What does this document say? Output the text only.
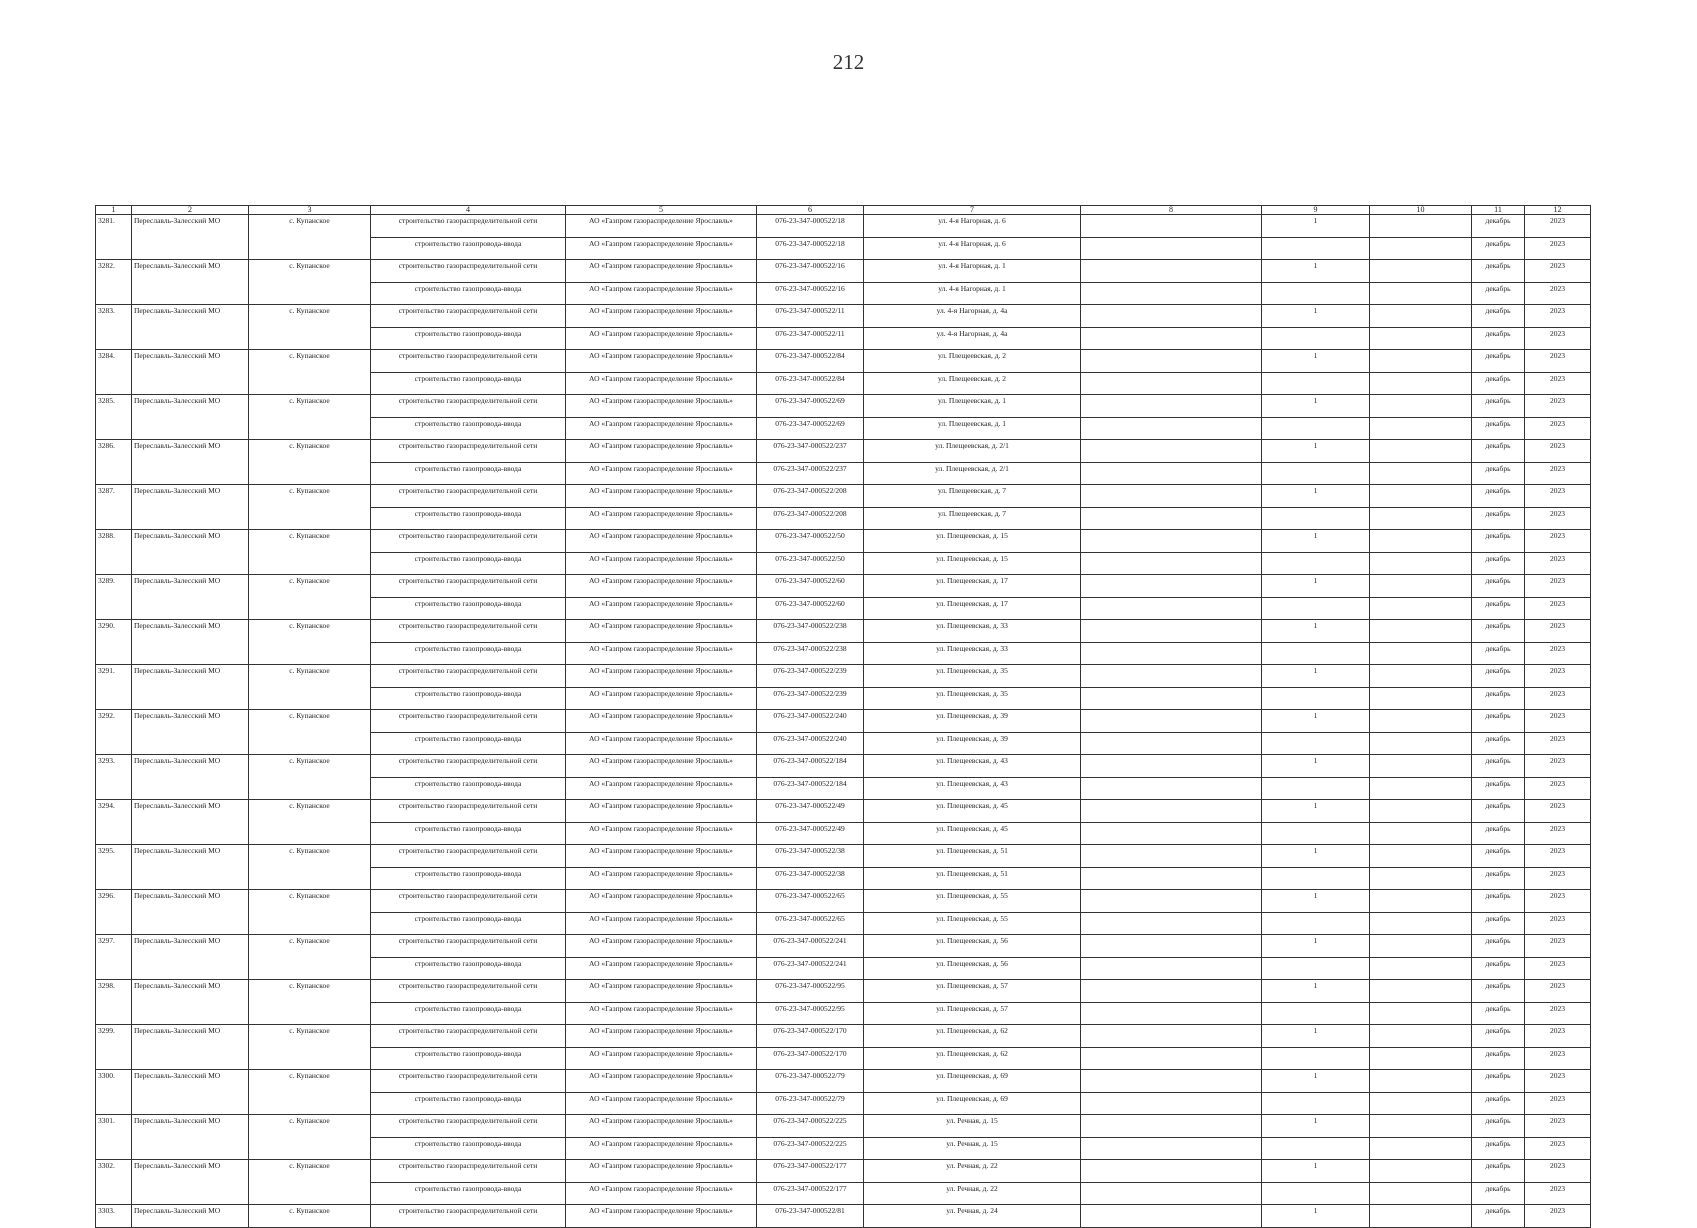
212
1	2	3	4	5	6	7	8	9	10	11	12
3281.	Переславль-Залесский МО	с. Купанское	строительство газораспределительной сети	АО «Газпром газораспределение Ярославль»	076-23-347-000522/18	ул. 4-я Нагорная, д. 6		1		декабрь	2023
			строительство газопровода-ввода	АО «Газпром газораспределение Ярославль»	076-23-347-000522/18	ул. 4-я Нагорная, д. 6				декабрь	2023
3282.	Переславль-Залесский МО	с. Купанское	строительство газораспределительной сети	АО «Газпром газораспределение Ярославль»	076-23-347-000522/16	ул. 4-я Нагорная, д. 1		1		декабрь	2023
			строительство газопровода-ввода	АО «Газпром газораспределение Ярославль»	076-23-347-000522/16	ул. 4-я Нагорная, д. 1				декабрь	2023
3283.	Переславль-Залесский МО	с. Купанское	строительство газораспределительной сети	АО «Газпром газораспределение Ярославль»	076-23-347-000522/11	ул. 4-я Нагорная, д. 4а		1		декабрь	2023
			строительство газопровода-ввода	АО «Газпром газораспределение Ярославль»	076-23-347-000522/11	ул. 4-я Нагорная, д. 4а				декабрь	2023
3284.	Переславль-Залесский МО	с. Купанское	строительство газораспределительной сети	АО «Газпром газораспределение Ярославль»	076-23-347-000522/84	ул. Плещеевская, д. 2		1		декабрь	2023
			строительство газопровода-ввода	АО «Газпром газораспределение Ярославль»	076-23-347-000522/84	ул. Плещеевская, д. 2				декабрь	2023
3285.	Переславль-Залесский МО	с. Купанское	строительство газораспределительной сети	АО «Газпром газораспределение Ярославль»	076-23-347-000522/69	ул. Плещеевская, д. 1		1		декабрь	2023
			строительство газопровода-ввода	АО «Газпром газораспределение Ярославль»	076-23-347-000522/69	ул. Плещеевская, д. 1				декабрь	2023
3286.	Переславль-Залесский МО	с. Купанское	строительство газораспределительной сети	АО «Газпром газораспределение Ярославль»	076-23-347-000522/237	ул. Плещеевская, д. 2/1		1		декабрь	2023
			строительство газопровода-ввода	АО «Газпром газораспределение Ярославль»	076-23-347-000522/237	ул. Плещеевская, д. 2/1				декабрь	2023
3287.	Переславль-Залесский МО	с. Купанское	строительство газораспределительной сети	АО «Газпром газораспределение Ярославль»	076-23-347-000522/208	ул. Плещеевская, д. 7		1		декабрь	2023
			строительство газопровода-ввода	АО «Газпром газораспределение Ярославль»	076-23-347-000522/208	ул. Плещеевская, д. 7				декабрь	2023
3288.	Переславль-Залесский МО	с. Купанское	строительство газораспределительной сети	АО «Газпром газораспределение Ярославль»	076-23-347-000522/50	ул. Плещеевская, д. 15		1		декабрь	2023
			строительство газопровода-ввода	АО «Газпром газораспределение Ярославль»	076-23-347-000522/50	ул. Плещеевская, д. 15				декабрь	2023
3289.	Переславль-Залесский МО	с. Купанское	строительство газораспределительной сети	АО «Газпром газораспределение Ярославль»	076-23-347-000522/60	ул. Плещеевская, д. 17		1		декабрь	2023
			строительство газопровода-ввода	АО «Газпром газораспределение Ярославль»	076-23-347-000522/60	ул. Плещеевская, д. 17				декабрь	2023
3290.	Переславль-Залесский МО	с. Купанское	строительство газораспределительной сети	АО «Газпром газораспределение Ярославль»	076-23-347-000522/238	ул. Плещеевская, д. 33		1		декабрь	2023
			строительство газопровода-ввода	АО «Газпром газораспределение Ярославль»	076-23-347-000522/238	ул. Плещеевская, д. 33				декабрь	2023
3291.	Переславль-Залесский МО	с. Купанское	строительство газораспределительной сети	АО «Газпром газораспределение Ярославль»	076-23-347-000522/239	ул. Плещеевская, д. 35		1		декабрь	2023
			строительство газопровода-ввода	АО «Газпром газораспределение Ярославль»	076-23-347-000522/239	ул. Плещеевская, д. 35				декабрь	2023
3292.	Переславль-Залесский МО	с. Купанское	строительство газораспределительной сети	АО «Газпром газораспределение Ярославль»	076-23-347-000522/240	ул. Плещеевская, д. 39		1		декабрь	2023
			строительство газопровода-ввода	АО «Газпром газораспределение Ярославль»	076-23-347-000522/240	ул. Плещеевская, д. 39				декабрь	2023
3293.	Переславль-Залесский МО	с. Купанское	строительство газораспределительной сети	АО «Газпром газораспределение Ярославль»	076-23-347-000522/184	ул. Плещеевская, д. 43		1		декабрь	2023
			строительство газопровода-ввода	АО «Газпром газораспределение Ярославль»	076-23-347-000522/184	ул. Плещеевская, д. 43				декабрь	2023
3294.	Переславль-Залесский МО	с. Купанское	строительство газораспределительной сети	АО «Газпром газораспределение Ярославль»	076-23-347-000522/49	ул. Плещеевская, д. 45		1		декабрь	2023
			строительство газопровода-ввода	АО «Газпром газораспределение Ярославль»	076-23-347-000522/49	ул. Плещеевская, д. 45				декабрь	2023
3295.	Переславль-Залесский МО	с. Купанское	строительство газораспределительной сети	АО «Газпром газораспределение Ярославль»	076-23-347-000522/38	ул. Плещеевская, д. 51		1		декабрь	2023
			строительство газопровода-ввода	АО «Газпром газораспределение Ярославль»	076-23-347-000522/38	ул. Плещеевская, д. 51				декабрь	2023
3296.	Переславль-Залесский МО	с. Купанское	строительство газораспределительной сети	АО «Газпром газораспределение Ярославль»	076-23-347-000522/65	ул. Плещеевская, д. 55		1		декабрь	2023
			строительство газопровода-ввода	АО «Газпром газораспределение Ярославль»	076-23-347-000522/65	ул. Плещеевская, д. 55				декабрь	2023
3297.	Переславль-Залесский МО	с. Купанское	строительство газораспределительной сети	АО «Газпром газораспределение Ярославль»	076-23-347-000522/241	ул. Плещеевская, д. 56		1		декабрь	2023
			строительство газопровода-ввода	АО «Газпром газораспределение Ярославль»	076-23-347-000522/241	ул. Плещеевская, д. 56				декабрь	2023
3298.	Переславль-Залесский МО	с. Купанское	строительство газораспределительной сети	АО «Газпром газораспределение Ярославль»	076-23-347-000522/95	ул. Плещеевская, д. 57		1		декабрь	2023
			строительство газопровода-ввода	АО «Газпром газораспределение Ярославль»	076-23-347-000522/95	ул. Плещеевская, д. 57				декабрь	2023
3299.	Переславль-Залесский МО	с. Купанское	строительство газораспределительной сети	АО «Газпром газораспределение Ярославль»	076-23-347-000522/170	ул. Плещеевская, д. 62		1		декабрь	2023
			строительство газопровода-ввода	АО «Газпром газораспределение Ярославль»	076-23-347-000522/170	ул. Плещеевская, д. 62				декабрь	2023
3300.	Переславль-Залесский МО	с. Купанское	строительство газораспределительной сети	АО «Газпром газораспределение Ярославль»	076-23-347-000522/79	ул. Плещеевская, д. 69		1		декабрь	2023
			строительство газопровода-ввода	АО «Газпром газораспределение Ярославль»	076-23-347-000522/79	ул. Плещеевская, д. 69				декабрь	2023
3301.	Переславль-Залесский МО	с. Купанское	строительство газораспределительной сети	АО «Газпром газораспределение Ярославль»	076-23-347-000522/225	ул. Речная, д. 15		1		декабрь	2023
			строительство газопровода-ввода	АО «Газпром газораспределение Ярославль»	076-23-347-000522/225	ул. Речная, д. 15				декабрь	2023
3302.	Переславль-Залесский МО	с. Купанское	строительство газораспределительной сети	АО «Газпром газораспределение Ярославль»	076-23-347-000522/177	ул. Речная, д. 22		1		декабрь	2023
			строительство газопровода-ввода	АО «Газпром газораспределение Ярославль»	076-23-347-000522/177	ул. Речная, д. 22				декабрь	2023
3303.	Переславль-Залесский МО	с. Купанское	строительство газораспределительной сети	АО «Газпром газораспределение Ярославль»	076-23-347-000522/81	ул. Речная, д. 24		1		декабрь	2023
